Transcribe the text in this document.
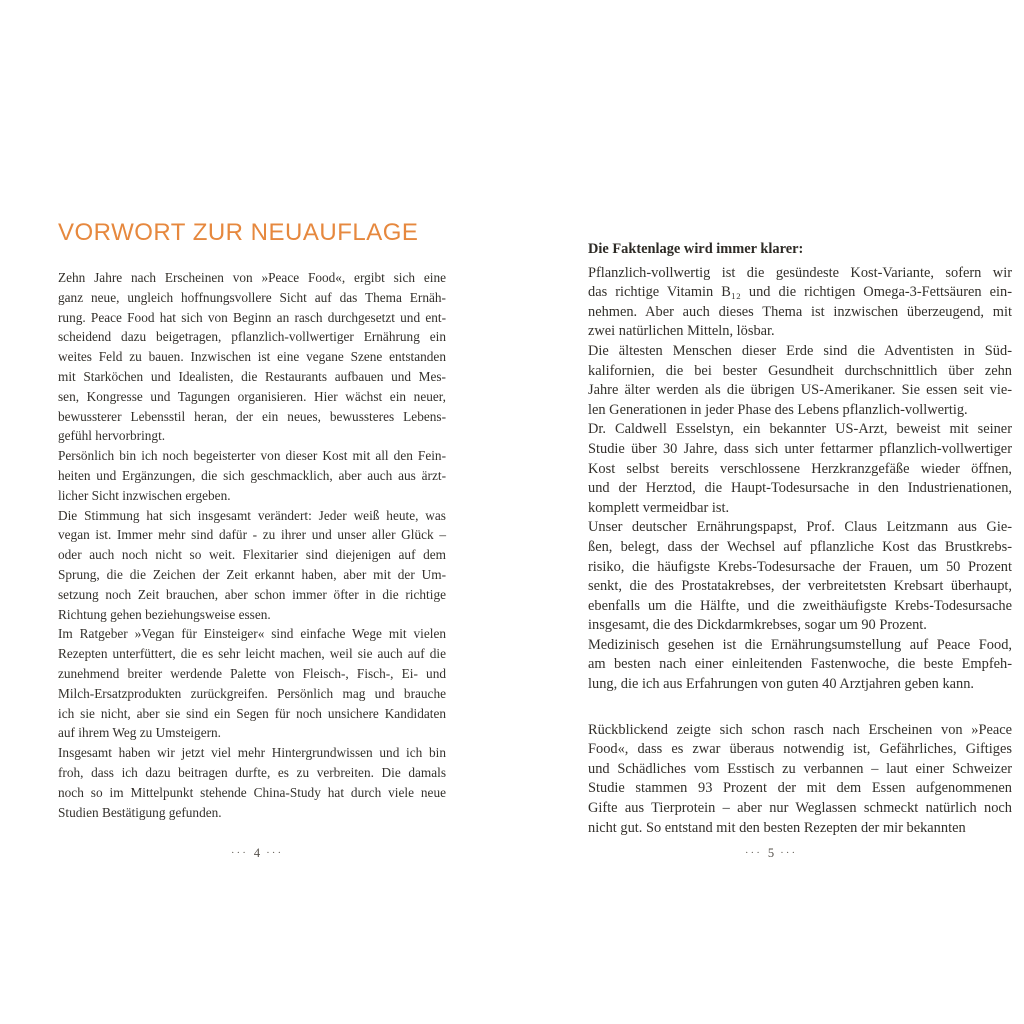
VORWORT ZUR NEUAUFLAGE
Zehn Jahre nach Erscheinen von »Peace Food«, ergibt sich eine
ganz neue, ungleich hoffnungsvollere Sicht auf das Thema Ernäh-
rung. Peace Food hat sich von Beginn an rasch durchgesetzt und ent-
scheidend dazu beigetragen, pflanzlich-vollwertiger Ernährung ein
weites Feld zu bauen. Inzwischen ist eine vegane Szene entstanden
mit Starköchen und Idealisten, die Restaurants aufbauen und Mes-
sen, Kongresse und Tagungen organisieren. Hier wächst ein neuer,
bewussterer Lebensstil heran, der ein neues, bewussteres Lebens-
gefühl hervorbringt.
Persönlich bin ich noch begeisterter von dieser Kost mit all den Fein-
heiten und Ergänzungen, die sich geschmacklich, aber auch aus ärzt-
licher Sicht inzwischen ergeben.
Die Stimmung hat sich insgesamt verändert: Jeder weiß heute, was
vegan ist. Immer mehr sind dafür - zu ihrer und unser aller Glück –
oder auch noch nicht so weit. Flexitarier sind diejenigen auf dem
Sprung, die die Zeichen der Zeit erkannt haben, aber mit der Um-
setzung noch Zeit brauchen, aber schon immer öfter in die richtige
Richtung gehen beziehungsweise essen.
Im Ratgeber »Vegan für Einsteiger« sind einfache Wege mit vielen
Rezepten unterfüttert, die es sehr leicht machen, weil sie auch auf die
zunehmend breiter werdende Palette von Fleisch-, Fisch-, Ei- und
Milch-Ersatzprodukten zurückgreifen. Persönlich mag und brauche
ich sie nicht, aber sie sind ein Segen für noch unsichere Kandidaten
auf ihrem Weg zu Umsteigern.
Insgesamt haben wir jetzt viel mehr Hintergrundwissen und ich bin
froh, dass ich dazu beitragen durfte, es zu verbreiten. Die damals
noch so im Mittelpunkt stehende China-Study hat durch viele neue
Studien Bestätigung gefunden.
Die Faktenlage wird immer klarer:
Pflanzlich-vollwertig ist die gesündeste Kost-Variante, sofern wir
das richtige Vitamin B₁₂ und die richtigen Omega-3-Fettsäuren ein-
nehmen. Aber auch dieses Thema ist inzwischen überzeugend, mit
zwei natürlichen Mitteln, lösbar.
Die ältesten Menschen dieser Erde sind die Adventisten in Süd-
kalifornien, die bei bester Gesundheit durchschnittlich über zehn
Jahre älter werden als die übrigen US-Amerikaner. Sie essen seit vie-
len Generationen in jeder Phase des Lebens pflanzlich-vollwertig.
Dr. Caldwell Esselstyn, ein bekannter US-Arzt, beweist mit seiner
Studie über 30 Jahre, dass sich unter fettarmer pflanzlich-vollwertiger
Kost selbst bereits verschlossene Herzkranzgefäße wieder öffnen,
und der Herztod, die Haupt-Todesursache in den Industrienationen,
komplett vermeidbar ist.
Unser deutscher Ernährungspapst, Prof. Claus Leitzmann aus Gie-
ßen, belegt, dass der Wechsel auf pflanzliche Kost das Brustkrebs-
risiko, die häufigste Krebs-Todesursache der Frauen, um 50 Prozent
senkt, die des Prostatakrebses, der verbreitetsten Krebsart überhaupt,
ebenfalls um die Hälfte, und die zweithäufigste Krebs-Todesursache
insgesamt, die des Dickdarmkrebses, sogar um 90 Prozent.
Medizinisch gesehen ist die Ernährungsumstellung auf Peace Food,
am besten nach einer einleitenden Fastenwoche, die beste Empfeh-
lung, die ich aus Erfahrungen von guten 40 Arztjahren geben kann.
Rückblickend zeigte sich schon rasch nach Erscheinen von »Peace
Food«, dass es zwar überaus notwendig ist, Gefährliches, Giftiges
und Schädliches vom Esstisch zu verbannen – laut einer Schweizer
Studie stammen 93 Prozent der mit dem Essen aufgenommenen
Gifte aus Tierprotein – aber nur Weglassen schmeckt natürlich noch
nicht gut. So entstand mit den besten Rezepten der mir bekannten
··· 4 ···	··· 5 ···
